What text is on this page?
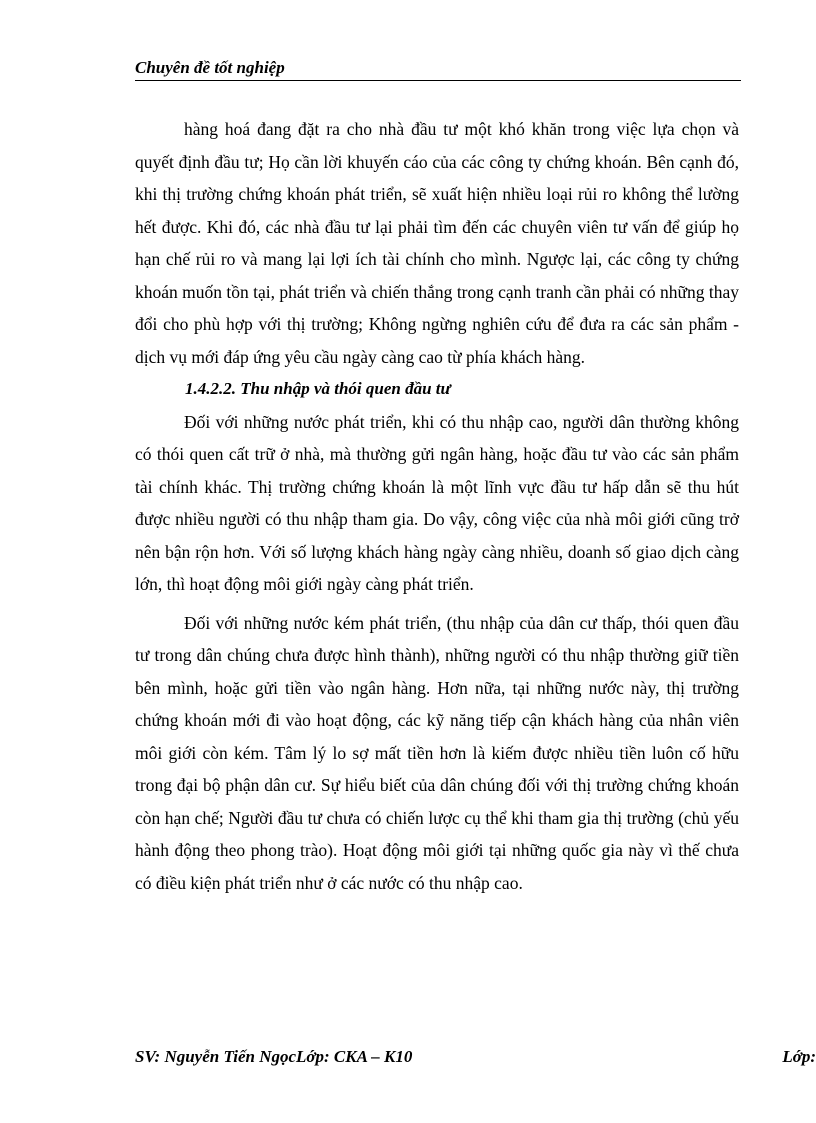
Chuyên đề tốt nghiệp

hàng hoá đang đặt ra cho nhà đầu tư một khó khăn trong việc lựa chọn và quyết định đầu tư; Họ cần lời khuyến cáo của các công ty chứng khoán. Bên cạnh đó, khi thị trường chứng khoán phát triển, sẽ xuất hiện nhiều loại rủi ro không thể lường hết được. Khi đó, các nhà đầu tư lại phải tìm đến các chuyên viên tư vấn để giúp họ hạn chế rủi ro và mang lại lợi ích tài chính cho mình. Ngược lại, các công ty chứng khoán muốn tồn tại, phát triển và chiến thắng trong cạnh tranh cần phải có những thay đổi cho phù hợp với thị trường; Không ngừng nghiên cứu để đưa ra các sản phẩm - dịch vụ mới đáp ứng yêu cầu ngày càng cao từ phía khách hàng.

1.4.2.2. Thu nhập và thói quen đầu tư

Đối với những nước phát triển, khi có thu nhập cao, người dân thường không có thói quen cất trữ ở nhà, mà thường gửi ngân hàng, hoặc đầu tư vào các sản phẩm tài chính khác. Thị trường chứng khoán là một lĩnh vực đầu tư hấp dẫn sẽ thu hút được nhiều người có thu nhập tham gia. Do vậy, công việc của nhà môi giới cũng trở nên bận rộn hơn. Với số lượng khách hàng ngày càng nhiều, doanh số giao dịch càng lớn, thì hoạt động môi giới ngày càng phát triển.

Đối với những nước kém phát triển, (thu nhập của dân cư thấp, thói quen đầu tư trong dân chúng chưa được hình thành), những người có thu nhập thường giữ tiền bên mình, hoặc gửi tiền vào ngân hàng. Hơn nữa, tại những nước này, thị trường chứng khoán mới đi vào hoạt động, các kỹ năng tiếp cận khách hàng của nhân viên môi giới còn kém. Tâm lý lo sợ mất tiền hơn là kiếm được nhiều tiền luôn cố hữu trong đại bộ phận dân cư. Sự hiểu biết của dân chúng đối với thị trường chứng khoán còn hạn chế; Người đầu tư chưa có chiến lược cụ thể khi tham gia thị trường (chủ yếu hành động theo phong trào). Hoạt động môi giới tại những quốc gia này vì thế chưa có điều kiện phát triển như ở các nước có thu nhập cao.

SV: Nguyễn Tiến NgọcLớp: CKA – K10	Lớp:
